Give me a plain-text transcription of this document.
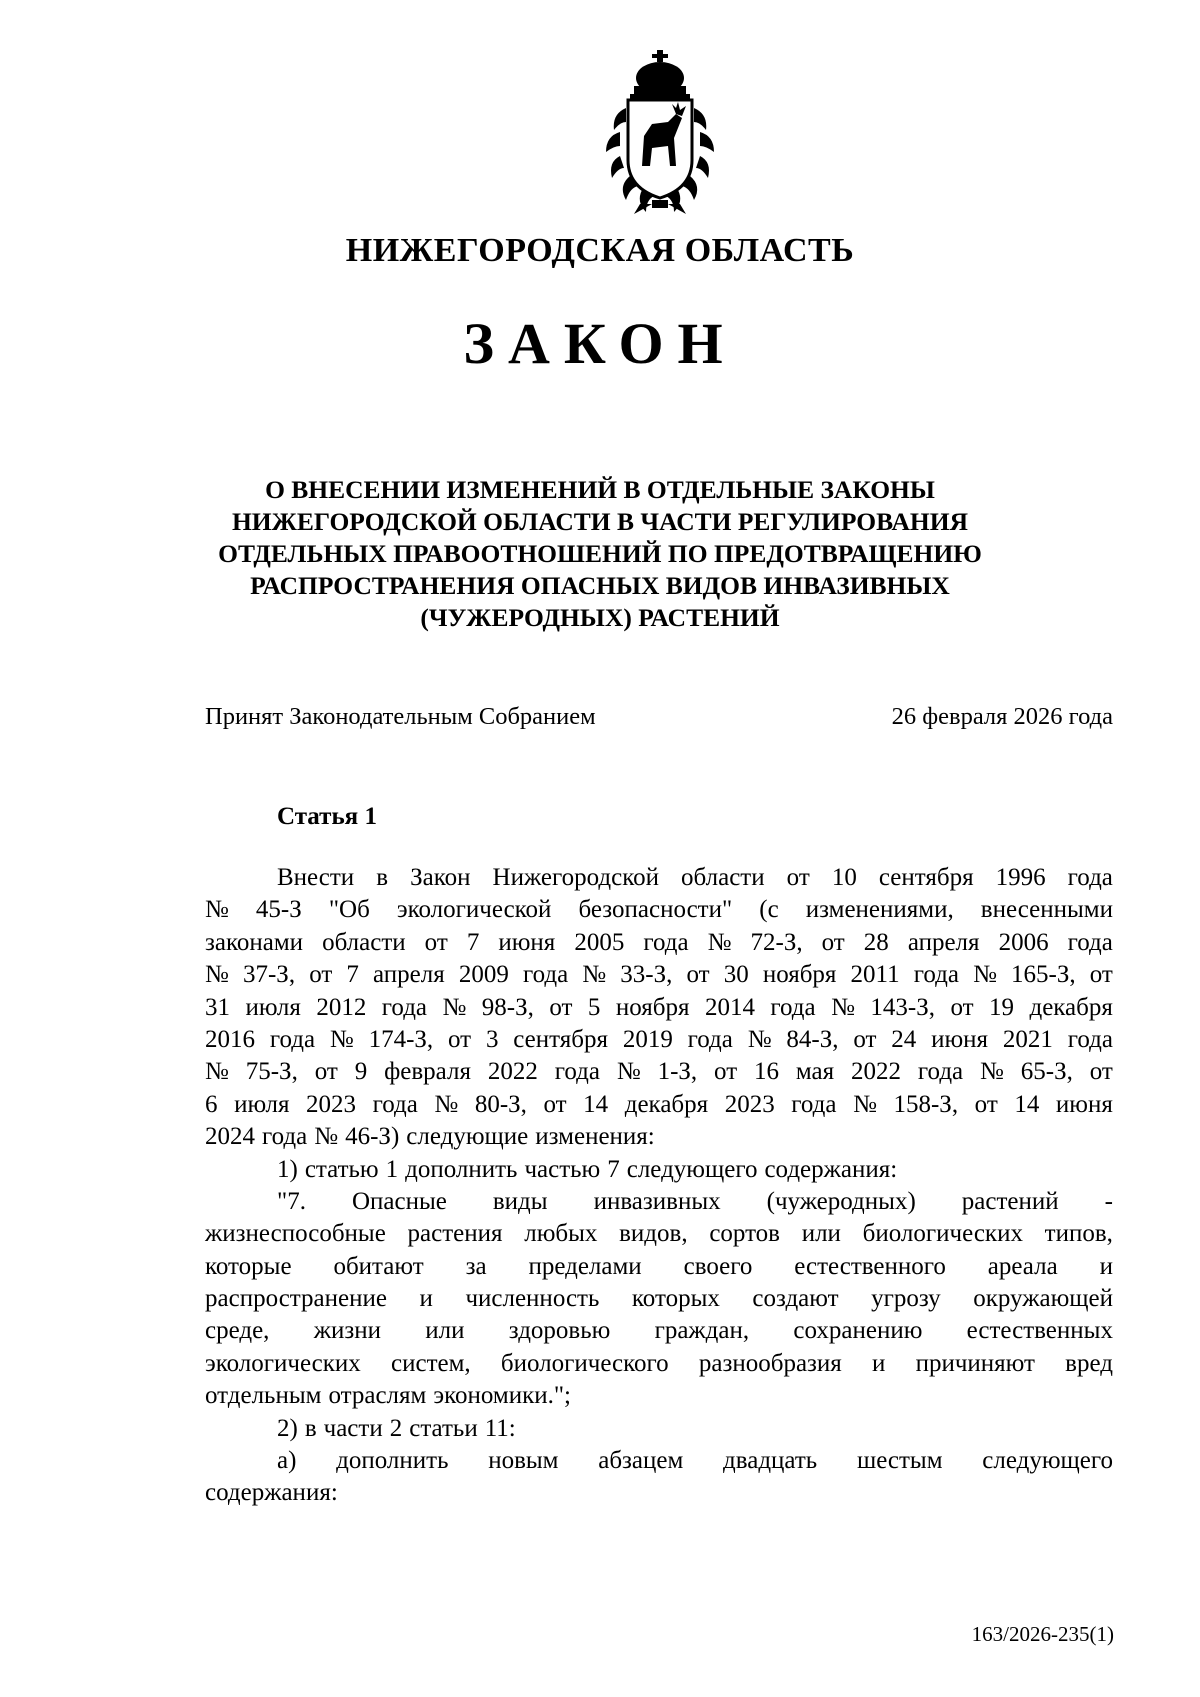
НИЖЕГОРОДСКАЯ ОБЛАСТЬ
ЗАКОН
О ВНЕСЕНИИ ИЗМЕНЕНИЙ В ОТДЕЛЬНЫЕ ЗАКОНЫ
НИЖЕГОРОДСКОЙ ОБЛАСТИ В ЧАСТИ РЕГУЛИРОВАНИЯ
ОТДЕЛЬНЫХ ПРАВООТНОШЕНИЙ ПО ПРЕДОТВРАЩЕНИЮ
РАСПРОСТРАНЕНИЯ ОПАСНЫХ ВИДОВ ИНВАЗИВНЫХ
(ЧУЖЕРОДНЫХ) РАСТЕНИЙ
Принят Законодательным Собранием	26 февраля 2026 года
Статья 1
Внести в Закон Нижегородской области от 10 сентября 1996 года
№ 45-З "Об экологической безопасности" (с изменениями, внесенными
законами области от 7 июня 2005 года № 72-З, от 28 апреля 2006 года
№ 37-З, от 7 апреля 2009 года № 33-З, от 30 ноября 2011 года № 165-З, от
31 июля 2012 года № 98-З, от 5 ноября 2014 года № 143-З, от 19 декабря
2016 года № 174-З, от 3 сентября 2019 года № 84-З, от 24 июня 2021 года
№ 75-З, от 9 февраля 2022 года № 1-З, от 16 мая 2022 года № 65-З, от
6 июля 2023 года № 80-З, от 14 декабря 2023 года № 158-З, от 14 июня
2024 года № 46-З) следующие изменения:
1) статью 1 дополнить частью 7 следующего содержания:
"7. Опасные виды инвазивных (чужеродных) растений -
жизнеспособные растения любых видов, сортов или биологических типов,
которые обитают за пределами своего естественного ареала и
распространение и численность которых создают угрозу окружающей
среде, жизни или здоровью граждан, сохранению естественных
экологических систем, биологического разнообразия и причиняют вред
отдельным отраслям экономики.";
2) в части 2 статьи 11:
а) дополнить новым абзацем двадцать шестым следующего
содержания:
163/2026-235(1)
